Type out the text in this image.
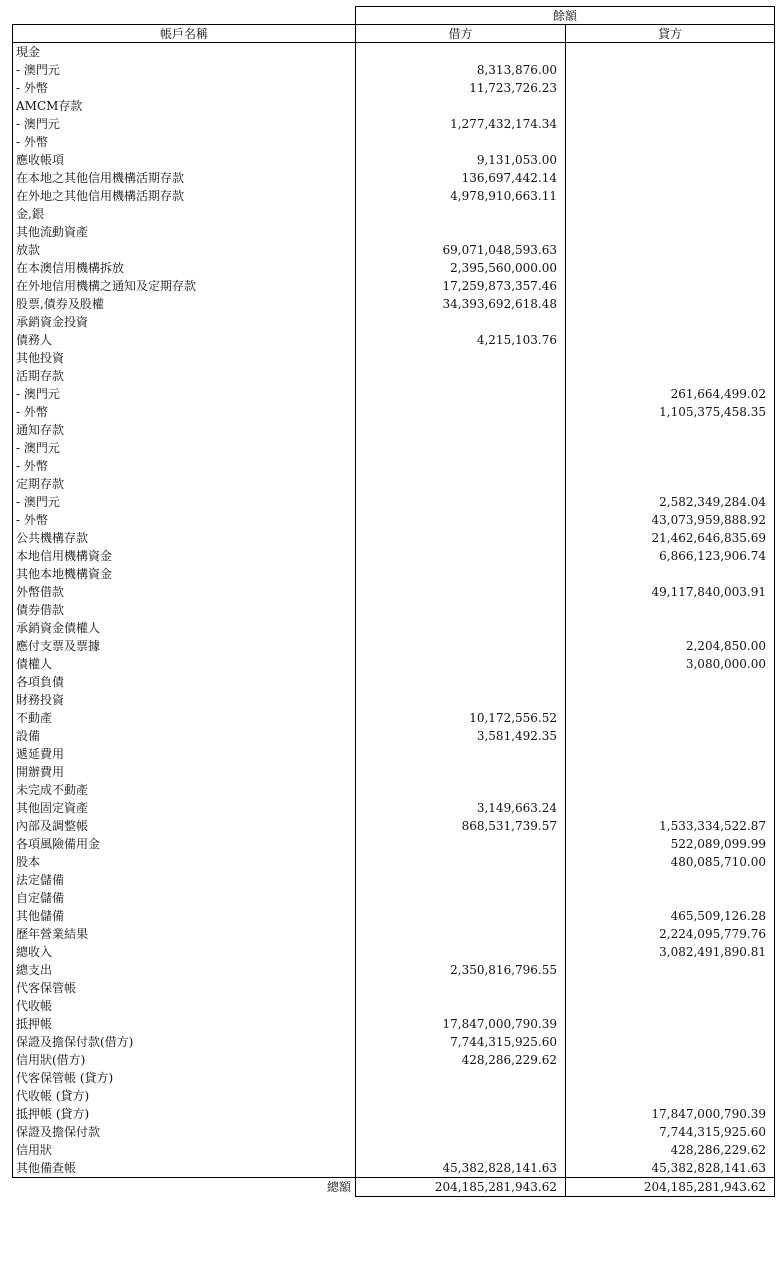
	餘額	
帳戶名稱	借方	貸方
現金		
- 澳門元	8,313,876.00	
- 外幣	11,723,726.23	
AMCM存款		
- 澳門元	1,277,432,174.34	
- 外幣		
應收帳項	9,131,053.00	
在本地之其他信用機構活期存款	136,697,442.14	
在外地之其他信用機構活期存款	4,978,910,663.11	
金,銀		
其他流動資產		
放款	69,071,048,593.63	
在本澳信用機構拆放	2,395,560,000.00	
在外地信用機構之通知及定期存款	17,259,873,357.46	
股票,債券及股權	34,393,692,618.48	
承銷資金投資		
債務人	4,215,103.76	
其他投資		
活期存款		
- 澳門元		261,664,499.02
- 外幣		1,105,375,458.35
通知存款		
- 澳門元		
- 外幣		
定期存款		
- 澳門元		2,582,349,284.04
- 外幣		43,073,959,888.92
公共機構存款		21,462,646,835.69
本地信用機構資金		6,866,123,906.74
其他本地機構資金		
外幣借款		49,117,840,003.91
債券借款		
承銷資金債權人		
應付支票及票據		2,204,850.00
債權人		3,080,000.00
各項負債		
財務投資		
不動產	10,172,556.52	
設備	3,581,492.35	
遞延費用		
開辦費用		
未完成不動產		
其他固定資產	3,149,663.24	
內部及調整帳	868,531,739.57	1,533,334,522.87
各項風險備用金		522,089,099.99
股本		480,085,710.00
法定儲備		
自定儲備		
其他儲備		465,509,126.28
歷年營業結果		2,224,095,779.76
總收入		3,082,491,890.81
總支出	2,350,816,796.55	
代客保管帳		
代收帳		
抵押帳	17,847,000,790.39	
保證及擔保付款(借方)	7,744,315,925.60	
信用狀(借方)	428,286,229.62	
代客保管帳 (貸方)		
代收帳 (貸方)		
抵押帳 (貸方)		17,847,000,790.39
保證及擔保付款		7,744,315,925.60
信用狀		428,286,229.62
其他備查帳	45,382,828,141.63	45,382,828,141.63
總額	204,185,281,943.62	204,185,281,943.62
